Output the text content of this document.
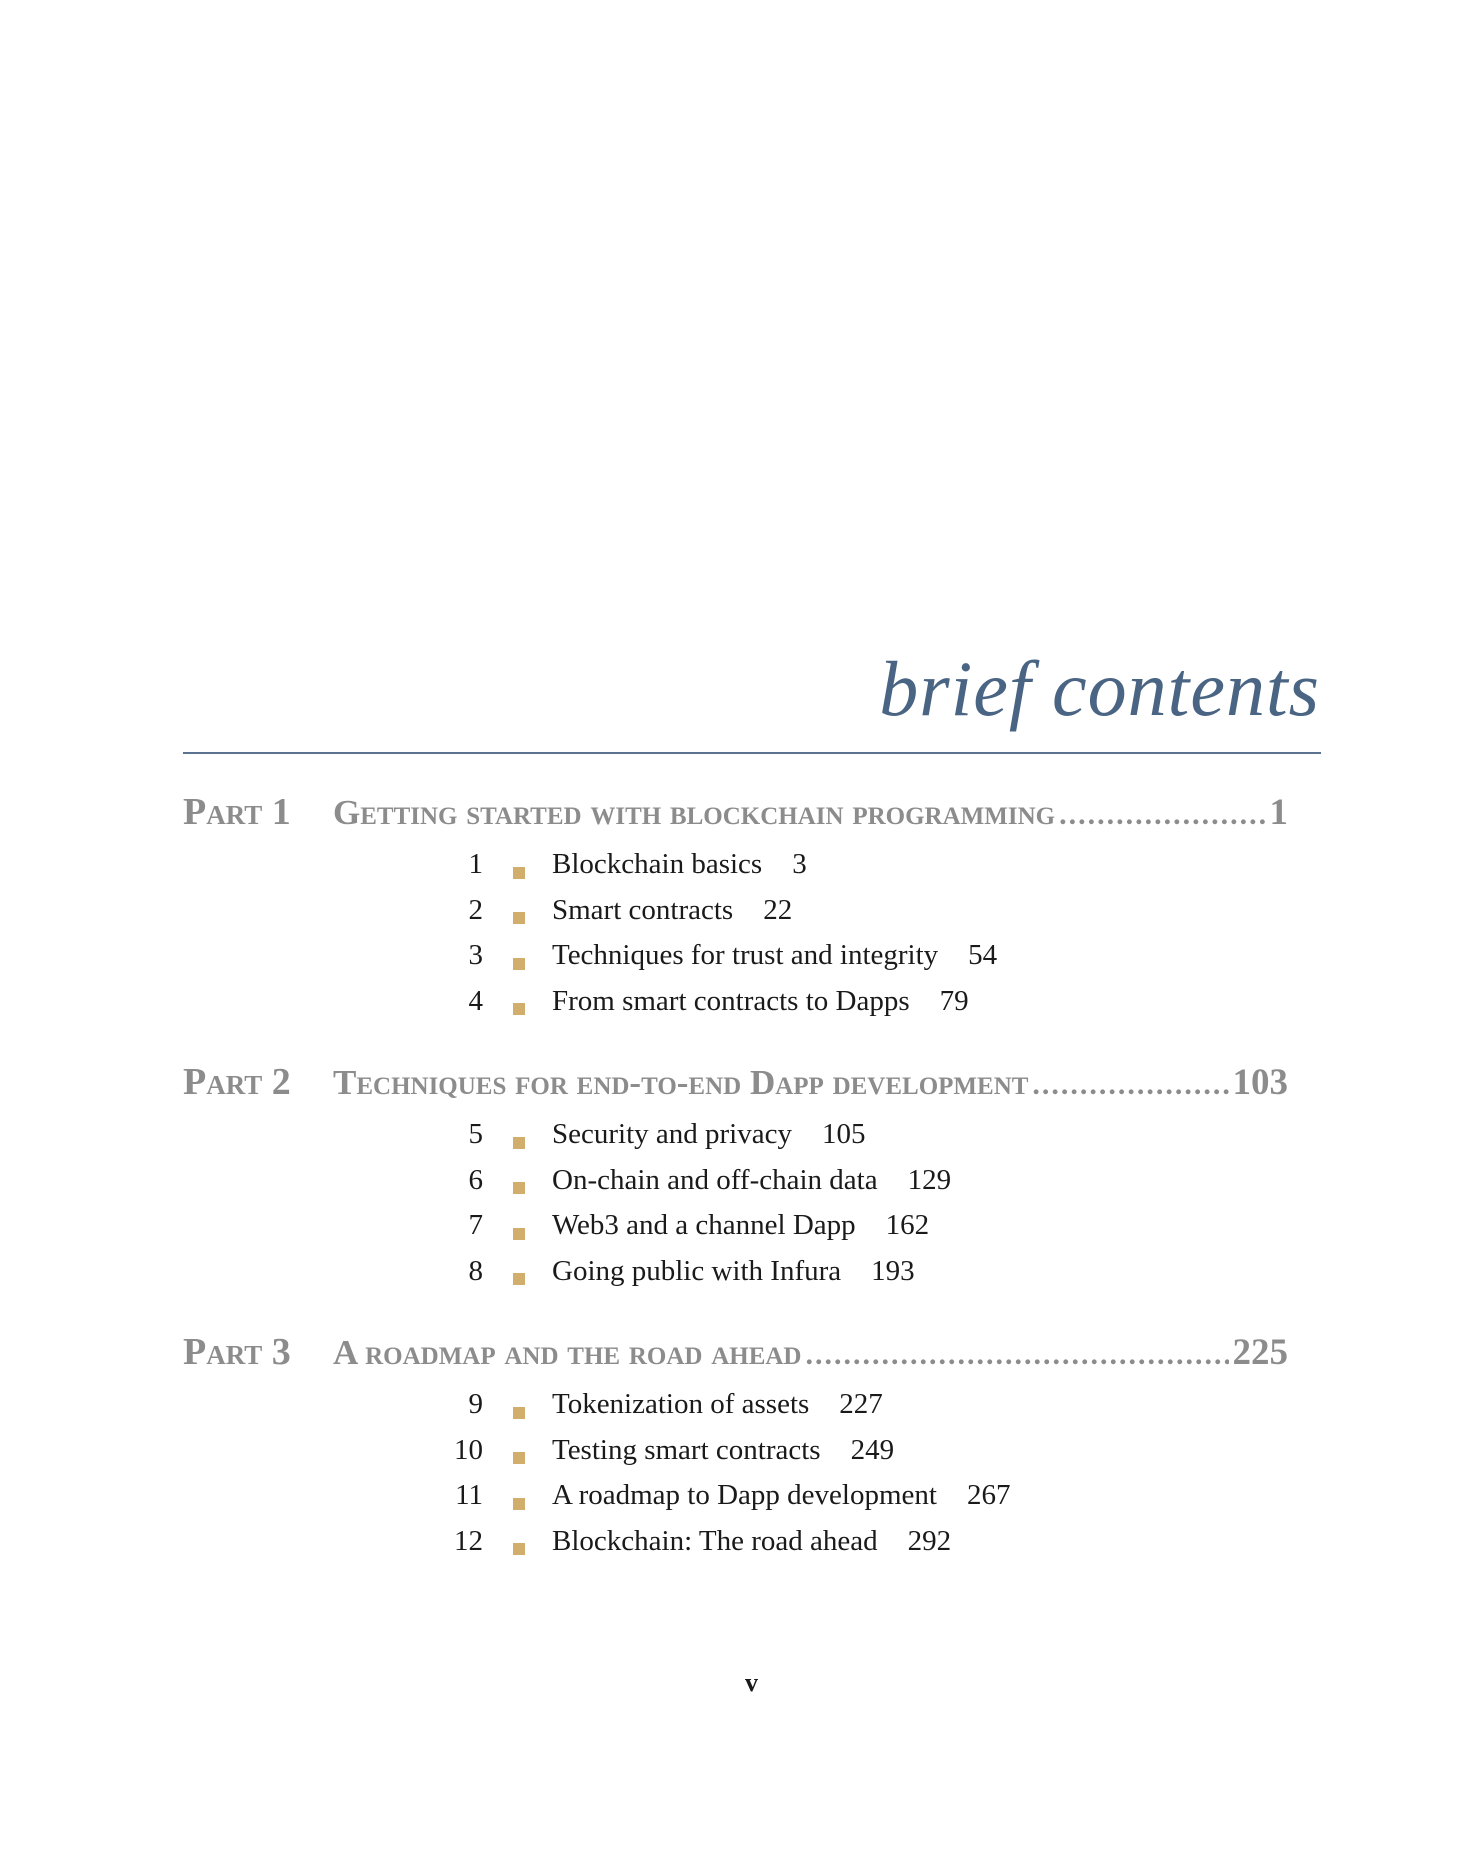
brief contents
Part 1	Getting started with blockchain programming .....	1
1 Blockchain basics 3
2 Smart contracts 22
3 Techniques for trust and integrity 54
4 From smart contracts to Dapps 79
Part 2	Techniques for end-to-end Dapp development .....	103
5 Security and privacy 105
6 On-chain and off-chain data 129
7 Web3 and a channel Dapp 162
8 Going public with Infura 193
Part 3	A roadmap and the road ahead .....	225
9 Tokenization of assets 227
10 Testing smart contracts 249
11 A roadmap to Dapp development 267
12 Blockchain: The road ahead 292
v
